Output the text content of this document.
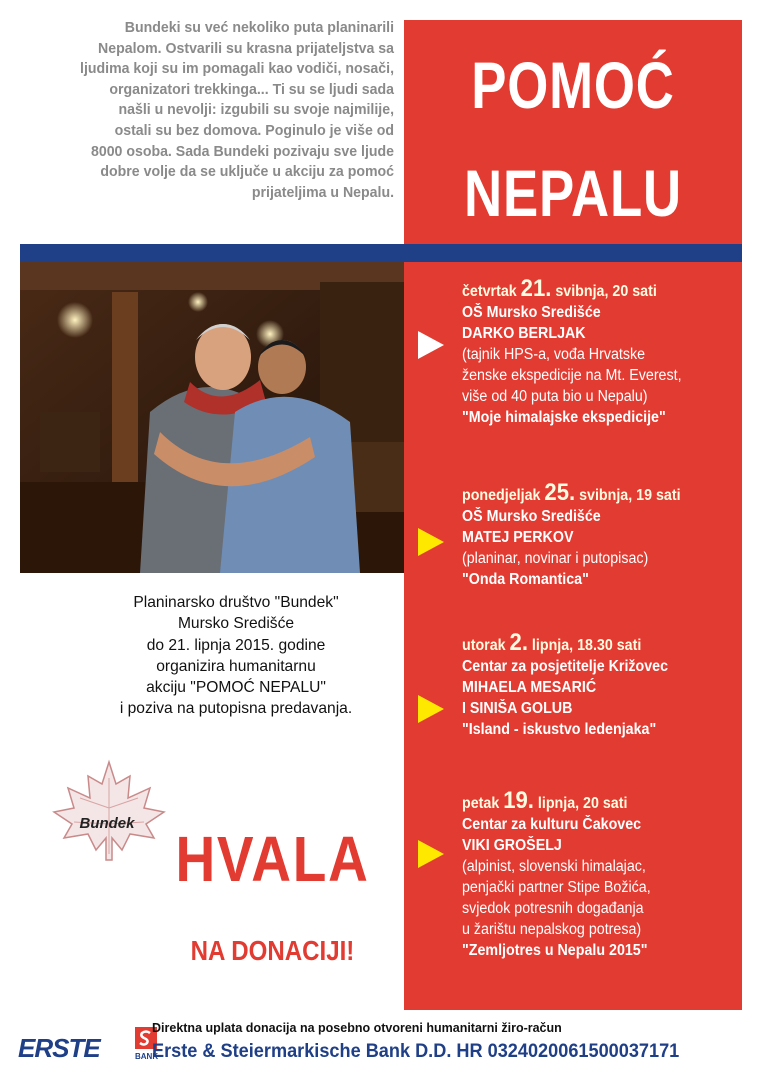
Bundeki su već nekoliko puta planinarili
Nepalom. Ostvarili su krasna prijateljstva sa
ljudima koji su im pomagali kao vodiči, nosači,
organizatori trekkinga... Ti su se ljudi sada
našli u nevolji: izgubili su svoje najmilije,
ostali su bez domova. Poginulo je više od
8000 osoba. Sada Bundeki pozivaju sve ljude
dobre volje da se uključe u akciju za pomoć
prijateljima u Nepalu.
POMOĆ
NEPALU
četvrtak 21. svibnja, 20 sati
OŠ Mursko Središće
DARKO BERLJAK
(tajnik HPS-a, vođa Hrvatske
ženske ekspedicije na Mt. Everest,
više od 40 puta bio u Nepalu)
"Moje himalajske ekspedicije"
ponedjeljak 25. svibnja, 19 sati
OŠ Mursko Središće
MATEJ PERKOV
(planinar, novinar i putopisac)
"Onda Romantica"
utorak 2. lipnja, 18.30 sati
Centar za posjetitelje Križovec
MIHAELA MESARIĆ
I SINIŠA GOLUB
"Island - iskustvo ledenjaka"
petak 19. lipnja, 20 sati
Centar za kulturu Čakovec
VIKI GROŠELJ
(alpinist, slovenski himalajac,
penjački partner Stipe Božića,
svjedok potresnih događanja
u žarištu nepalskog potresa)
"Zemljotres u Nepalu 2015"
Planinarsko društvo "Bundek"
Mursko Središće
do 21. lipnja 2015. godine
organizira humanitarnu
akciju "POMOĆ NEPALU"
i poziva na putopisna predavanja.
Bundek HVALA
NA DONACIJI!
ERSTE	BANK
Direktna uplata donacija na posebno otvoreni humanitarni žiro-račun
Erste & Steiermarkische Bank D.D. HR 0324020061500037171
